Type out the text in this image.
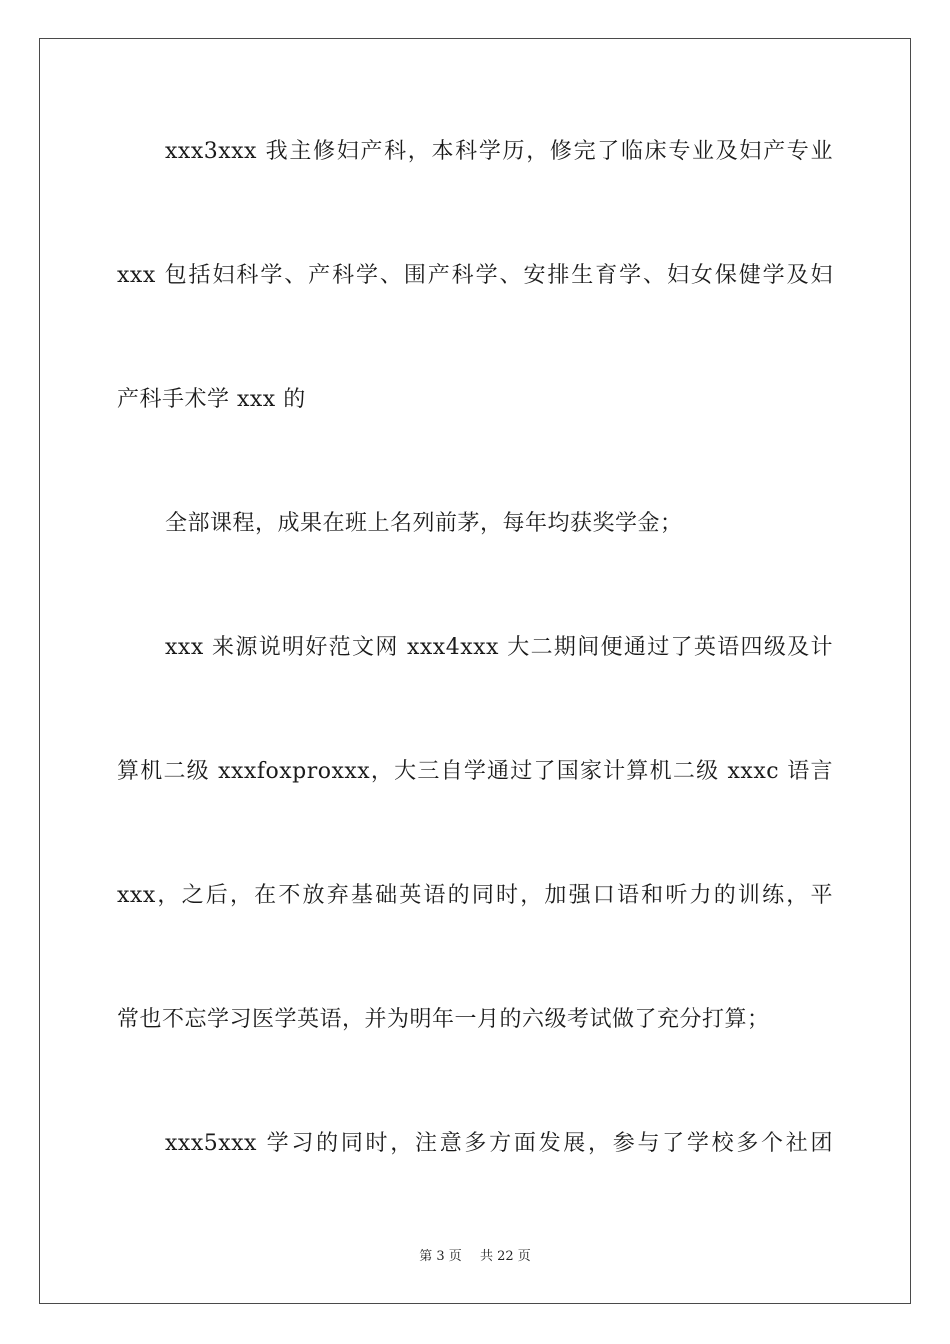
xxx3xxx 我主修妇产科，本科学历，修完了临床专业及妇产专业

xxx 包括妇科学、产科学、围产科学、安排生育学、妇女保健学及妇

产科手术学 xxx 的

全部课程，成果在班上名列前茅，每年均获奖学金；

xxx 来源说明好范文网 xxx4xxx 大二期间便通过了英语四级及计

算机二级 xxxfoxproxxx，大三自学通过了国家计算机二级 xxxc 语言

xxx，之后，在不放弃基础英语的同时，加强口语和听力的训练，平

常也不忘学习医学英语，并为明年一月的六级考试做了充分打算；

xxx5xxx 学习的同时，注意多方面发展，参与了学校多个社团

第 3 页 共 22 页
